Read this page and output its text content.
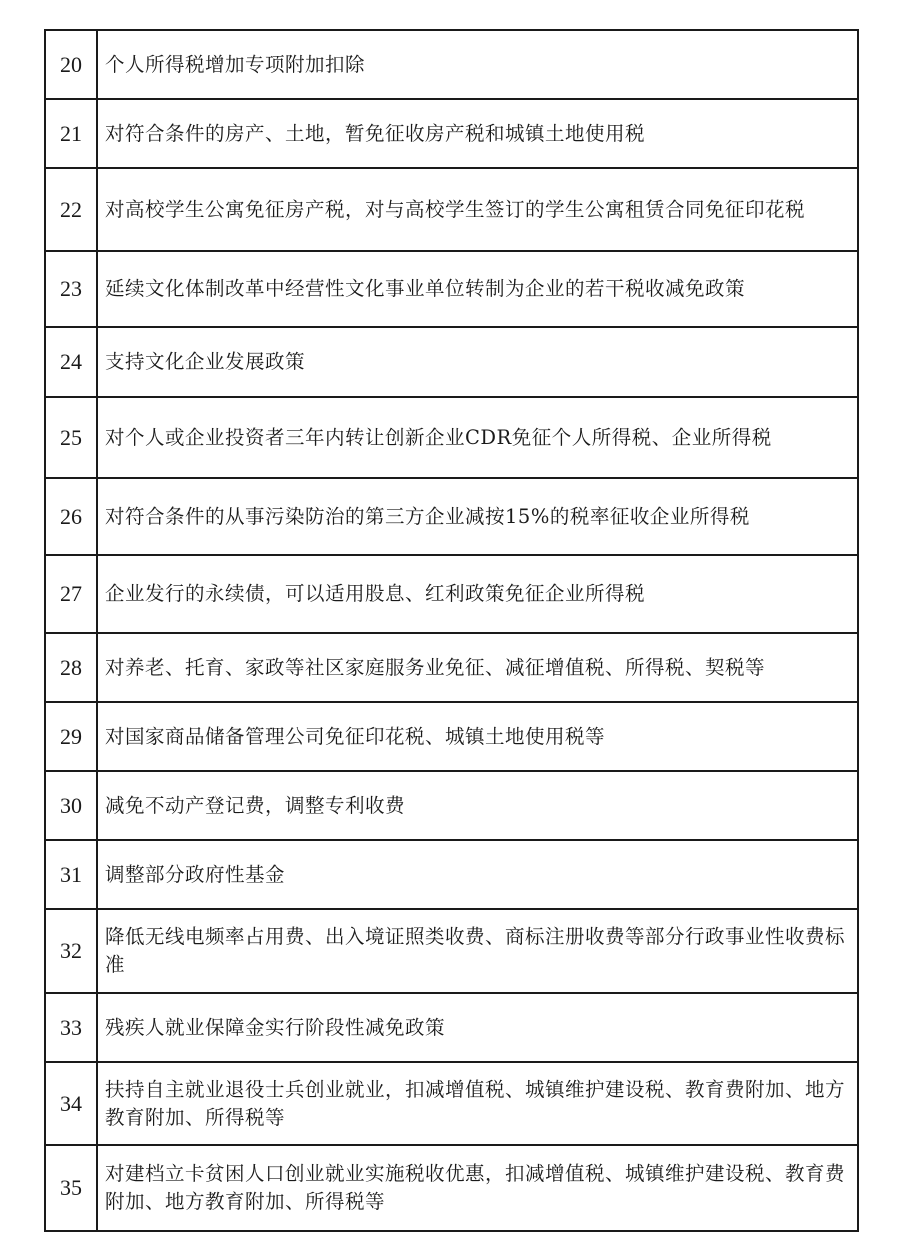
20	个人所得税增加专项附加扣除
21	对符合条件的房产、土地，暂免征收房产税和城镇土地使用税
22	对高校学生公寓免征房产税，对与高校学生签订的学生公寓租赁合同免征印花税
23	延续文化体制改革中经营性文化事业单位转制为企业的若干税收减免政策
24	支持文化企业发展政策
25	对个人或企业投资者三年内转让创新企业CDR免征个人所得税、企业所得税
26	对符合条件的从事污染防治的第三方企业减按15%的税率征收企业所得税
27	企业发行的永续债，可以适用股息、红利政策免征企业所得税
28	对养老、托育、家政等社区家庭服务业免征、减征增值税、所得税、契税等
29	对国家商品储备管理公司免征印花税、城镇土地使用税等
30	减免不动产登记费，调整专利收费
31	调整部分政府性基金
32	降低无线电频率占用费、出入境证照类收费、商标注册收费等部分行政事业性收费标准
33	残疾人就业保障金实行阶段性减免政策
34	扶持自主就业退役士兵创业就业，扣减增值税、城镇维护建设税、教育费附加、地方教育附加、所得税等
35	对建档立卡贫困人口创业就业实施税收优惠，扣减增值税、城镇维护建设税、教育费附加、地方教育附加、所得税等
